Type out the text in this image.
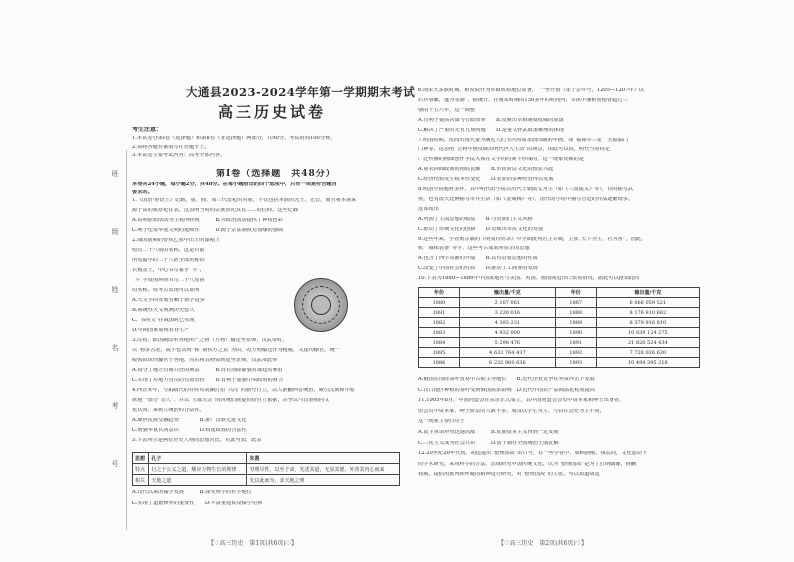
班
级
姓
名
考
号
大通县2023-2024学年第一学期期末考试
高三历史试卷
考生注意：
1.本试卷分第Ⅰ卷（选择题）和第Ⅱ卷（非选择题）两部分，共90分。考试时间100分钟。
2.请将各题答案填写在答题卡上。
3.本试卷主要考试内容：高考全部内容。
第Ⅰ卷（选择题　共48分）
本卷共24小题，每小题2分，共48分。在每小题给出的四个选项中，只有一项是符合题目
要求的。
1.《国语·鲁语上》记载，夏、商、周三代祭祀的对象，不仅包括本族的先王、先公，而且将本族来
源于高的系祭祀在表，这表明当时的宗族祭祀具有……的信仰。这些记载
A.说明原始活动为主权所轻视　　　B.为政治活动提供了神权色彩
C.利于论证华夏文明的延续性　　　D.源于宗法制度对血缘的强调
2.战国前期的曾侯乙墓中出土的漆箱上
绘有二十八宿的名称，这是目前
所见最早的二十八宿全部名称的
衣箱盖上，中心书写篆字“斗”，
“斗”字周围环绕书写二十八星宿
的名称。该考古发现可以证明
A.天文学的发展有赖于数学进步
B.系统性天文观测历史悠久
C.“书同文”在战国时已实现
D.早期国家重视农业生产
3.汉初，郡国制改革各地所产之物（方物）输送至京师，汉武帝时，
以“物多苦恶，或不偿其费”和“诸侯方之贡”为由，改方物输送作为租税，又建均输官，统一
收购由该均输官于各地，然后将其物资转运至京师，汉武帝此举
A.侵夺了地方官商共营的利益　　　B.旨在消除豪强对郡廷的掣肘
C.实现了对地方官员的有效管控　　D.有利于加强中央政府的财力
4.西晋末年，与拓跋氏的百姓对刘渊打招“兴汉”的旗号自立，以人推翻西晋统治，吸引汉族和中原
族地一部分“晋人”、并以“上郡五宗”的四统旧族提供给自立依据，甚至以与汉族相同文
化认同，来树立统治的合法性。
A.顺应民族交融趋势　　　　B.推广汉族先进文化
C.增强华夏认同意识　　　　D.构建政权的合法性
5.下表所示是两位历史人物的思想对比，对此可知，此表
思想	孔子	朱熹
特点	行之于公义之道，顺应万物生长的规律	穷理尽性，以至于命，先述其道，无显其德，外善其内心而来
相关	天地之道	先以此而为，求天地之理
A.汉代以来的儒学发展　　　B.探究理学的哲学地位
C.实现了道德修养的重要性　　D.丰富重建民众儒学信仰
【♡高三历史　第1页(共6页)♡】
6.南宋大多数时期，枢密院作为军政机构地位显著，“一至开禧（宋宁宗年号，1205—1207年）以
后兵事繁，遂为永制”。据统计，在南宋时期的150多年的时间内，宰执中兼枢密使者超过三
朝的十五六年，这一调整
A.有利于提高决策与行政效率　　B.反映出宰相制度权威的衰落
C.解决了严重的元官冗费问题　　D.是重文轻武政策顺理的体现
7.明清时期，民间出现大量为满足人们节庆时需求而印制的年画，如“福禄寿三星”“五福临门”
门神等，这表明“吉利年画反映出明代世人生活”的场景，由此可以说，明代当时特定
广泛传播的画面创作手法大体在文字的时间下形成的，这一现象反映的是
A.重农抑商政策的彻底瓦解　　B.市民阶层文化的较显兴起
C.经济结构发生根本性变化　　D.农业的多种经营得以发展
8.明清小说题材多样，其中明代的小说以历代王朝演义为主（如《三国演义》等），有的描写武
侠，也有很大比例描写市井生活（如《金瓶梅》等），清代的小说中描写宫廷的作品逐渐增多。
这体现出
A.巩固了主流思想的根基　　B.与贵族们主义风格
C.推动了传统文化的创新　　D.反映出市民文化的发展
9.这些年来，学者黄宗羲的《明夷待访录》中全面批判君主专制，主张“天下为主，君为客”，因此，
机”“墙体装备”等字，这些考古成果所显示的思想
A.包含了西学东渐的开端　　B.具有启蒙思想的性质
C.改变了中国社会的性质　　D.推动了工商业的发展
10.下表为1880—1886年中国某地区与美国、英国、德国间进出口贸易情况，据此可以推知此时
年份	输出量/千克	年份	输出量/千克
1880	2 107 061	1887	6 066 059 521
1881	3 230 016	1888	8 176 910 682
1882	4 393 231	1889	8 379 916 810
1883	4 932 000	1890	10 839 124 275
1884	5 298 476	1891	21 826 524 434
1885	4 632 764 437	1892	7 728 026 630
1886	6 232 960 636	1893	10 494 395 218
A.俄国在国际茶叶贸易中占据主导地位　　B.近代企业竞争在外资冲击下发展
C.汉口地区种植的茶叶受到俄国需求影响　D.近代中国农产品商品化程度提高
11.1905年8月，中国同盟会在东京正式成立，其中国同盟会会员中资本家和绅士出身者，
但会员中资本家、绅士阶层的人数不多，成员以学生为主、与以往会党为主不同，
这一现象主要归功于
A.民主革命形势迅速高涨　　　B.民族资本主义得到一定发展
C.三民主义成为社会共识　　　D.清王朝在全国统治土崩瓦解
12.20世纪20年代初，胡适提出“整理国故”的口号，在一些学者中，如顾颉刚、钱玄同，文化运动下
的学术研究，采用科学的方法、态度研究中国传统文化，认为“整理国故”是为了打倒偶像，推翻
权威，提倡用批判和怀疑的精神进行研究，对“整理国故”的主张，可以知道胡适
【♡高三历史　第2页(共6页)♡】
